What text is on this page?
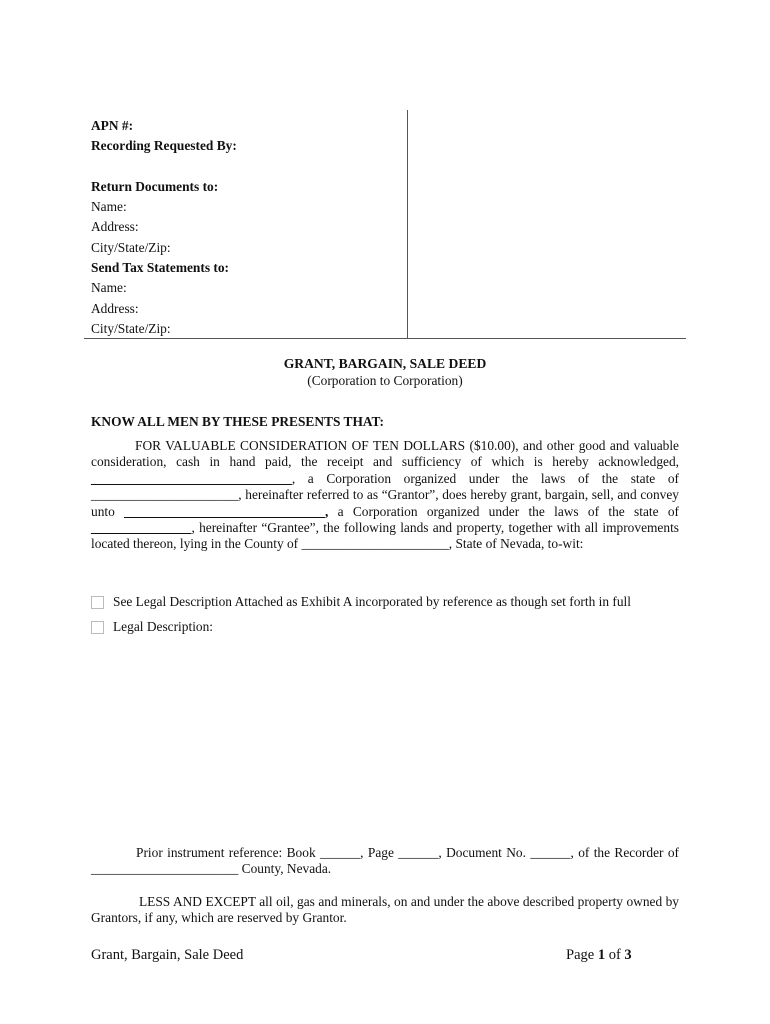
APN #:
Recording Requested By:
Return Documents to:
Name:
Address:
City/State/Zip:
Send Tax Statements to:
Name:
Address:
City/State/Zip:
GRANT, BARGAIN, SALE DEED
(Corporation to Corporation)
KNOW ALL MEN BY THESE PRESENTS THAT:
FOR VALUABLE CONSIDERATION OF TEN DOLLARS ($10.00), and other good and valuable consideration, cash in hand paid, the receipt and sufficiency of which is hereby acknowledged, ______________________________, a Corporation organized under the laws of the state of ______________________, hereinafter referred to as “Grantor”, does hereby grant, bargain, sell, and convey unto ______________________________, a Corporation organized under the laws of the state of _______________, hereinafter “Grantee”, the following lands and property, together with all improvements located thereon, lying in the County of ______________________, State of Nevada, to-wit:
See Legal Description Attached as Exhibit A incorporated by reference as though set forth in full
Legal Description:
Prior instrument reference: Book ______, Page ______, Document No. ______, of the Recorder of ______________________ County, Nevada.
LESS AND EXCEPT all oil, gas and minerals, on and under the above described property owned by Grantors, if any, which are reserved by Grantor.
Grant, Bargain, Sale Deed	Page 1 of 3
